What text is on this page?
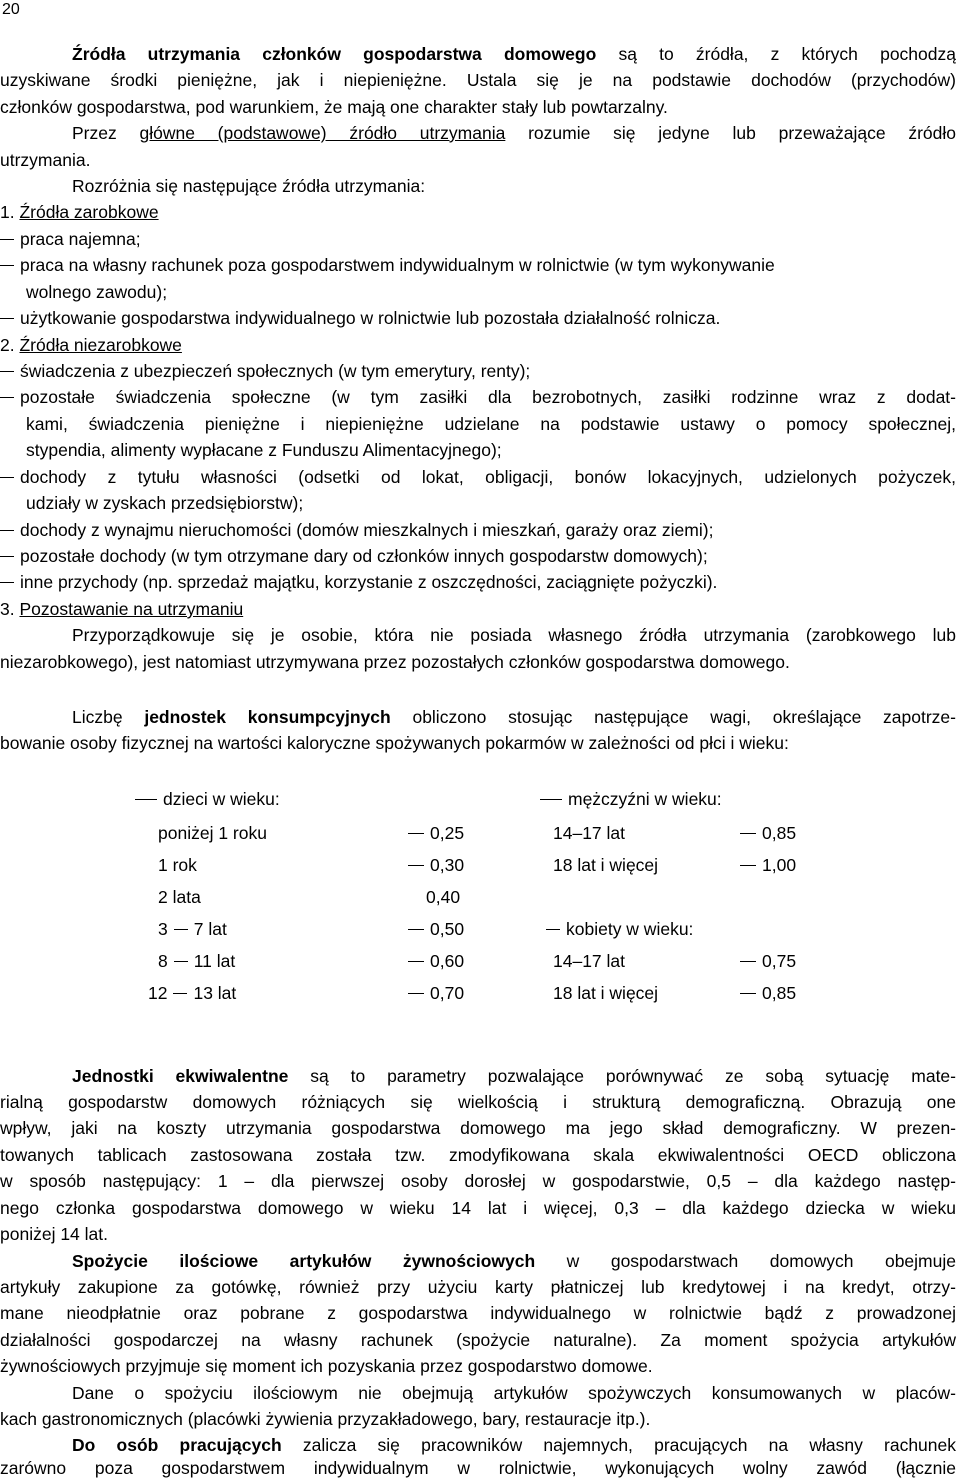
20
Źródła utrzymania członków gospodarstwa domowego są to źródła, z których pochodzą
uzyskiwane środki pieniężne, jak i niepieniężne. Ustala się je na podstawie dochodów (przychodów)
członków gospodarstwa, pod warunkiem, że mają one charakter stały lub powtarzalny.
Przez główne (podstawowe) źródło utrzymania rozumie się jedyne lub przeważające źródło
utrzymania.
Rozróżnia się następujące źródła utrzymania:
1. Źródła zarobkowe
praca najemna;
praca na własny rachunek poza gospodarstwem indywidualnym w rolnictwie (w tym wykonywanie
wolnego zawodu);
użytkowanie gospodarstwa indywidualnego w rolnictwie lub pozostała działalność rolnicza.
2. Źródła niezarobkowe
świadczenia z ubezpieczeń społecznych (w tym emerytury, renty);
pozostałe świadczenia społeczne (w tym zasiłki dla bezrobotnych, zasiłki rodzinne wraz z dodat-
kami, świadczenia pieniężne i niepieniężne udzielane na podstawie ustawy o pomocy społecznej,
stypendia, alimenty wypłacane z Funduszu Alimentacyjnego);
dochody z tytułu własności (odsetki od lokat, obligacji, bonów lokacyjnych, udzielonych pożyczek,
udziały w zyskach przedsiębiorstw);
dochody z wynajmu nieruchomości (domów mieszkalnych i mieszkań, garaży oraz ziemi);
pozostałe dochody (w tym otrzymane dary od członków innych gospodarstw domowych);
inne przychody (np. sprzedaż majątku, korzystanie z oszczędności, zaciągnięte pożyczki).
3. Pozostawanie na utrzymaniu
Przyporządkowuje się je osobie, która nie posiada własnego źródła utrzymania (zarobkowego lub
niezarobkowego), jest natomiast utrzymywana przez pozostałych członków gospodarstwa domowego.
Liczbę jednostek konsumpcyjnych obliczono stosując następujące wagi, określające zapotrze-
bowanie osoby fizycznej na wartości kaloryczne spożywanych pokarmów w zależności od płci i wieku:
dzieci w wieku:	mężczyźni w wieku:
poniżej 1 roku	0,25
1 rok	0,30
2 lata	0,40
3 7 lat	0,50
8 11 lat	0,60
12 13 lat	0,70
14–17 lat	0,85
18 lat i więcej	1,00
kobiety w wieku:
14–17 lat	0,75
18 lat i więcej	0,85
Jednostki ekwiwalentne są to parametry pozwalające porównywać ze sobą sytuację mate-
rialną gospodarstw domowych różniących się wielkością i strukturą demograficzną. Obrazują one
wpływ, jaki na koszty utrzymania gospodarstwa domowego ma jego skład demograficzny. W prezen-
towanych tablicach zastosowana została tzw. zmodyfikowana skala ekwiwalentności OECD obliczona
w sposób następujący: 1 – dla pierwszej osoby dorosłej w gospodarstwie, 0,5 – dla każdego następ-
nego członka gospodarstwa domowego w wieku 14 lat i więcej, 0,3 – dla każdego dziecka w wieku
poniżej 14 lat.
Spożycie ilościowe artykułów żywnościowych w gospodarstwach domowych obejmuje
artykuły zakupione za gotówkę, również przy użyciu karty płatniczej lub kredytowej i na kredyt, otrzy-
mane nieodpłatnie oraz pobrane z gospodarstwa indywidualnego w rolnictwie bądź z prowadzonej
działalności gospodarczej na własny rachunek (spożycie naturalne). Za moment spożycia artykułów
żywnościowych przyjmuje się moment ich pozyskania przez gospodarstwo domowe.
Dane o spożyciu ilościowym nie obejmują artykułów spożywczych konsumowanych w placów-
kach gastronomicznych (placówki żywienia przyzakładowego, bary, restauracje itp.).
Do osób pracujących zalicza się pracowników najemnych, pracujących na własny rachunek
zarówno poza gospodarstwem indywidualnym w rolnictwie, wykonujących wolny zawód (łącznie
